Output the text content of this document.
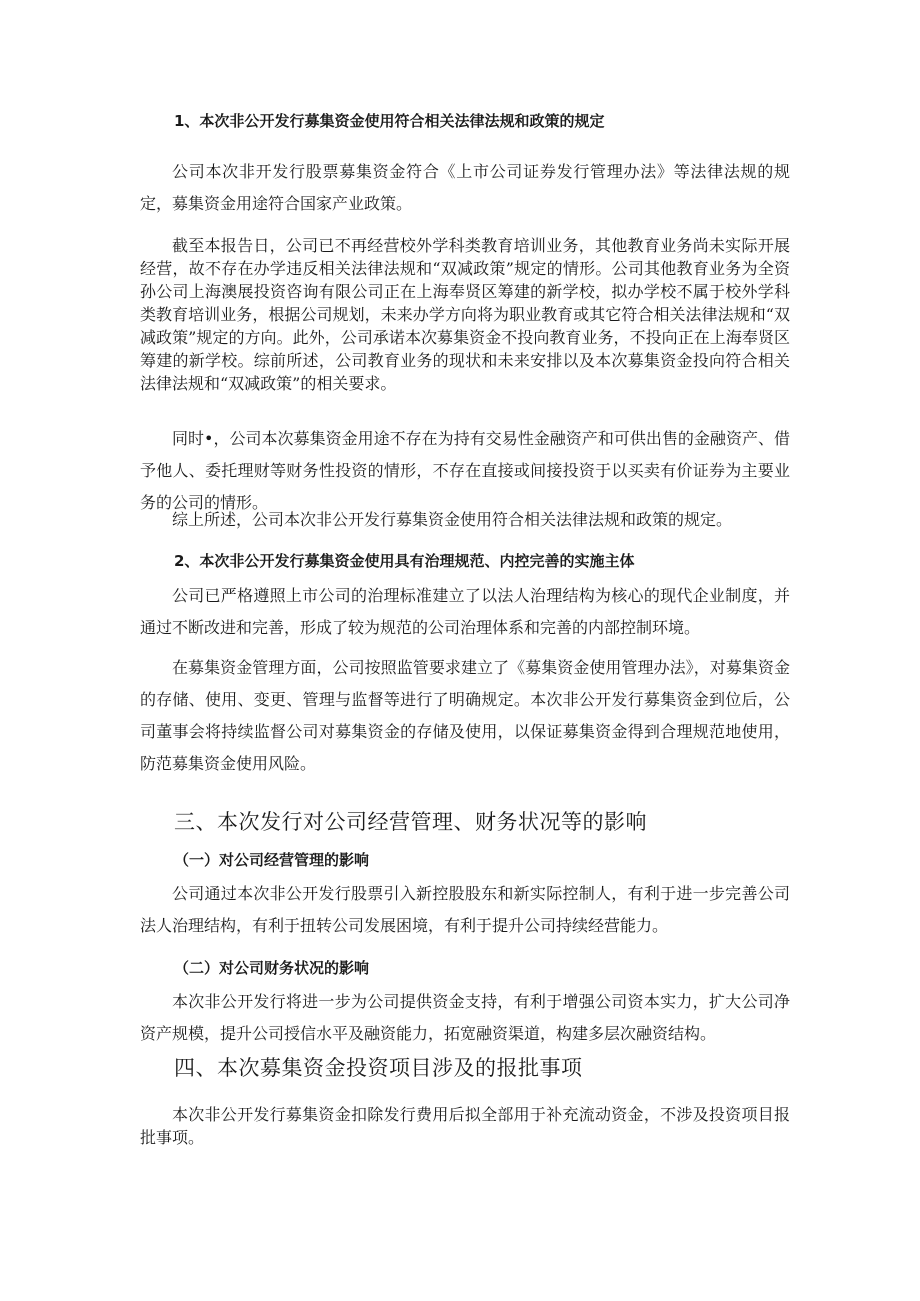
1、本次非公开发行募集资金使用符合相关法律法规和政策的规定

公司本次非开发行股票募集资金符合《上市公司证券发行管理办法》等法律法规的规定，募集资金用途符合国家产业政策。

截至本报告日，公司已不再经营校外学科类教育培训业务，其他教育业务尚未实际开展经营，故不存在办学违反相关法律法规和“双减政策”规定的情形。公司其他教育业务为全资孙公司上海澳展投资咨询有限公司正在上海奉贤区筹建的新学校，拟办学校不属于校外学科类教育培训业务，根据公司规划，未来办学方向将为职业教育或其它符合相关法律法规和“双减政策”规定的方向。此外，公司承诺本次募集资金不投向教育业务，不投向正在上海奉贤区筹建的新学校。综前所述，公司教育业务的现状和未来安排以及本次募集资金投向符合相关法律法规和“双减政策”的相关要求。

同时•，公司本次募集资金用途不存在为持有交易性金融资产和可供出售的金融资产、借予他人、委托理财等财务性投资的情形，不存在直接或间接投资于以买卖有价证券为主要业务的公司的情形。

综上所述，公司本次非公开发行募集资金使用符合相关法律法规和政策的规定。

2、本次非公开发行募集资金使用具有治理规范、内控完善的实施主体

公司已严格遵照上市公司的治理标准建立了以法人治理结构为核心的现代企业制度，并通过不断改进和完善，形成了较为规范的公司治理体系和完善的内部控制环境。

在募集资金管理方面，公司按照监管要求建立了《募集资金使用管理办法》，对募集资金的存储、使用、变更、管理与监督等进行了明确规定。本次非公开发行募集资金到位后，公司董事会将持续监督公司对募集资金的存储及使用，以保证募集资金得到合理规范地使用，防范募集资金使用风险。

三、本次发行对公司经营管理、财务状况等的影响
（一）对公司经营管理的影响

公司通过本次非公开发行股票引入新控股股东和新实际控制人，有利于进一步完善公司法人治理结构，有利于扭转公司发展困境，有利于提升公司持续经营能力。

（二）对公司财务状况的影响

本次非公开发行将进一步为公司提供资金支持，有利于增强公司资本实力，扩大公司净资产规模，提升公司授信水平及融资能力，拓宽融资渠道，构建多层次融资结构。

四、本次募集资金投资项目涉及的报批事项

本次非公开发行募集资金扣除发行费用后拟全部用于补充流动资金，不涉及投资项目报批事项。
